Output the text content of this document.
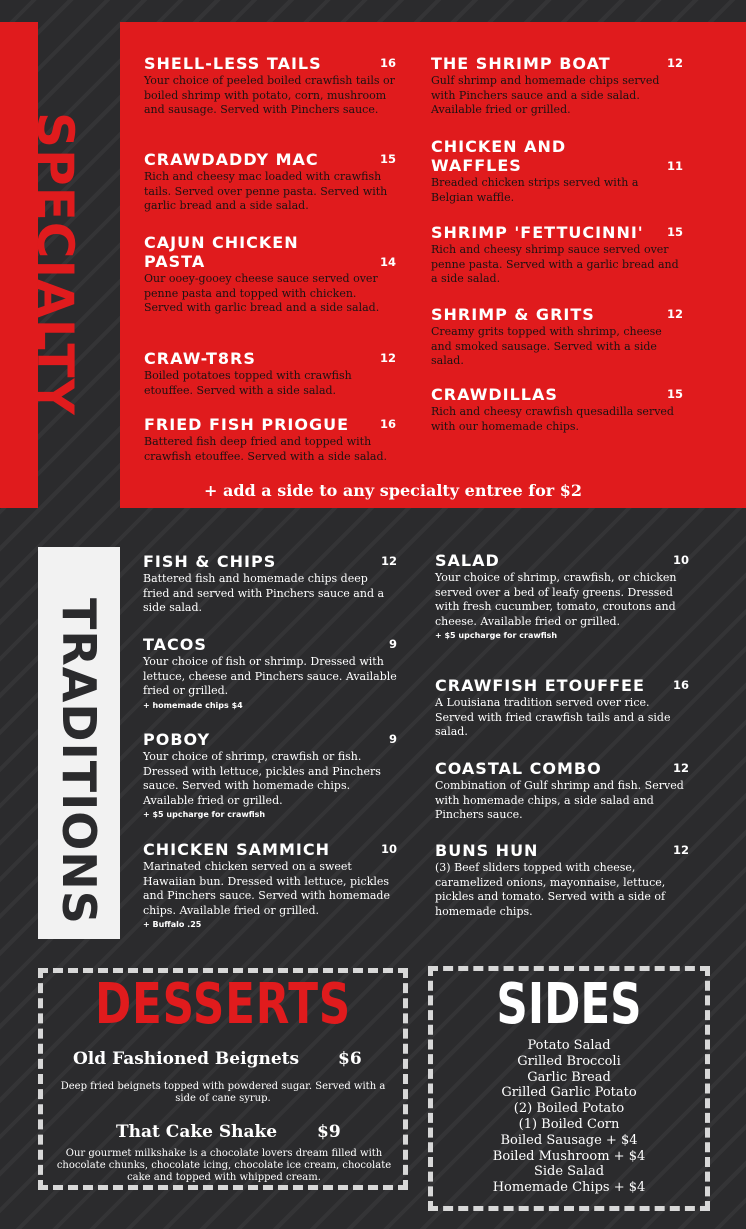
SPECIALTY
SHELL-LESS TAILS	16
Your choice of peeled boiled crawfish tails or boiled shrimp with potato, corn, mushroom and sausage. Served with Pinchers sauce.
CRAWDADDY MAC	15
Rich and cheesy mac loaded with crawfish tails. Served over penne pasta. Served with garlic bread and a side salad.
CAJUN CHICKEN PASTA	14
Our ooey-gooey cheese sauce served over penne pasta and topped with chicken. Served with garlic bread and a side salad.
CRAW-T8RS	12
Boiled potatoes topped with crawfish etouffee. Served with a side salad.
FRIED FISH PRIOGUE	16
Battered fish deep fried and topped with crawfish etouffee. Served with a side salad.
THE SHRIMP BOAT	12
Gulf shrimp and homemade chips served with Pinchers sauce and a side salad. Available fried or grilled.
CHICKEN AND WAFFLES	11
Breaded chicken strips served with a Belgian waffle.
SHRIMP 'FETTUCINNI'	15
Rich and cheesy shrimp sauce served over penne pasta. Served with a garlic bread and a side salad.
SHRIMP & GRITS	12
Creamy grits topped with shrimp, cheese and smoked sausage. Served with a side salad.
CRAWDILLAS	15
Rich and cheesy crawfish quesadilla served with our homemade chips.
+ add a side to any specialty entree for $2
TRADITIONS
FISH & CHIPS	12
Battered fish and homemade chips deep fried and served with Pinchers sauce and a side salad.
TACOS	9
Your choice of fish or shrimp. Dressed with lettuce, cheese and Pinchers sauce. Available fried or grilled.
+ homemade chips $4
POBOY	9
Your choice of shrimp, crawfish or fish. Dressed with lettuce, pickles and Pinchers sauce. Served with homemade chips. Available fried or grilled.
+ $5 upcharge for crawfish
CHICKEN SAMMICH	10
Marinated chicken served on a sweet Hawaiian bun. Dressed with lettuce, pickles and Pinchers sauce. Served with homemade chips. Available fried or grilled.
+ Buffalo .25
SALAD	10
Your choice of shrimp, crawfish, or chicken served over a bed of leafy greens. Dressed with fresh cucumber, tomato, croutons and cheese. Available fried or grilled.
+ $5 upcharge for crawfish
CRAWFISH ETOUFFEE	16
A Louisiana tradition served over rice. Served with fried crawfish tails and a side salad.
COASTAL COMBO	12
Combination of Gulf shrimp and fish. Served with homemade chips, a side salad and Pinchers sauce.
BUNS HUN	12
(3) Beef sliders topped with cheese, caramelized onions, mayonnaise, lettuce, pickles and tomato. Served with a side of homemade chips.
DESSERTS
Old Fashioned Beignets $6
Deep fried beignets topped with powdered sugar. Served with a side of cane syrup.
That Cake Shake $9
Our gourmet milkshake is a chocolate lovers dream filled with chocolate chunks, chocolate icing, chocolate ice cream, chocolate cake and topped with whipped cream.
SIDES
Potato Salad
Grilled Broccoli
Garlic Bread
Grilled Garlic Potato
(2) Boiled Potato
(1) Boiled Corn
Boiled Sausage + $4
Boiled Mushroom + $4
Side Salad
Homemade Chips + $4
